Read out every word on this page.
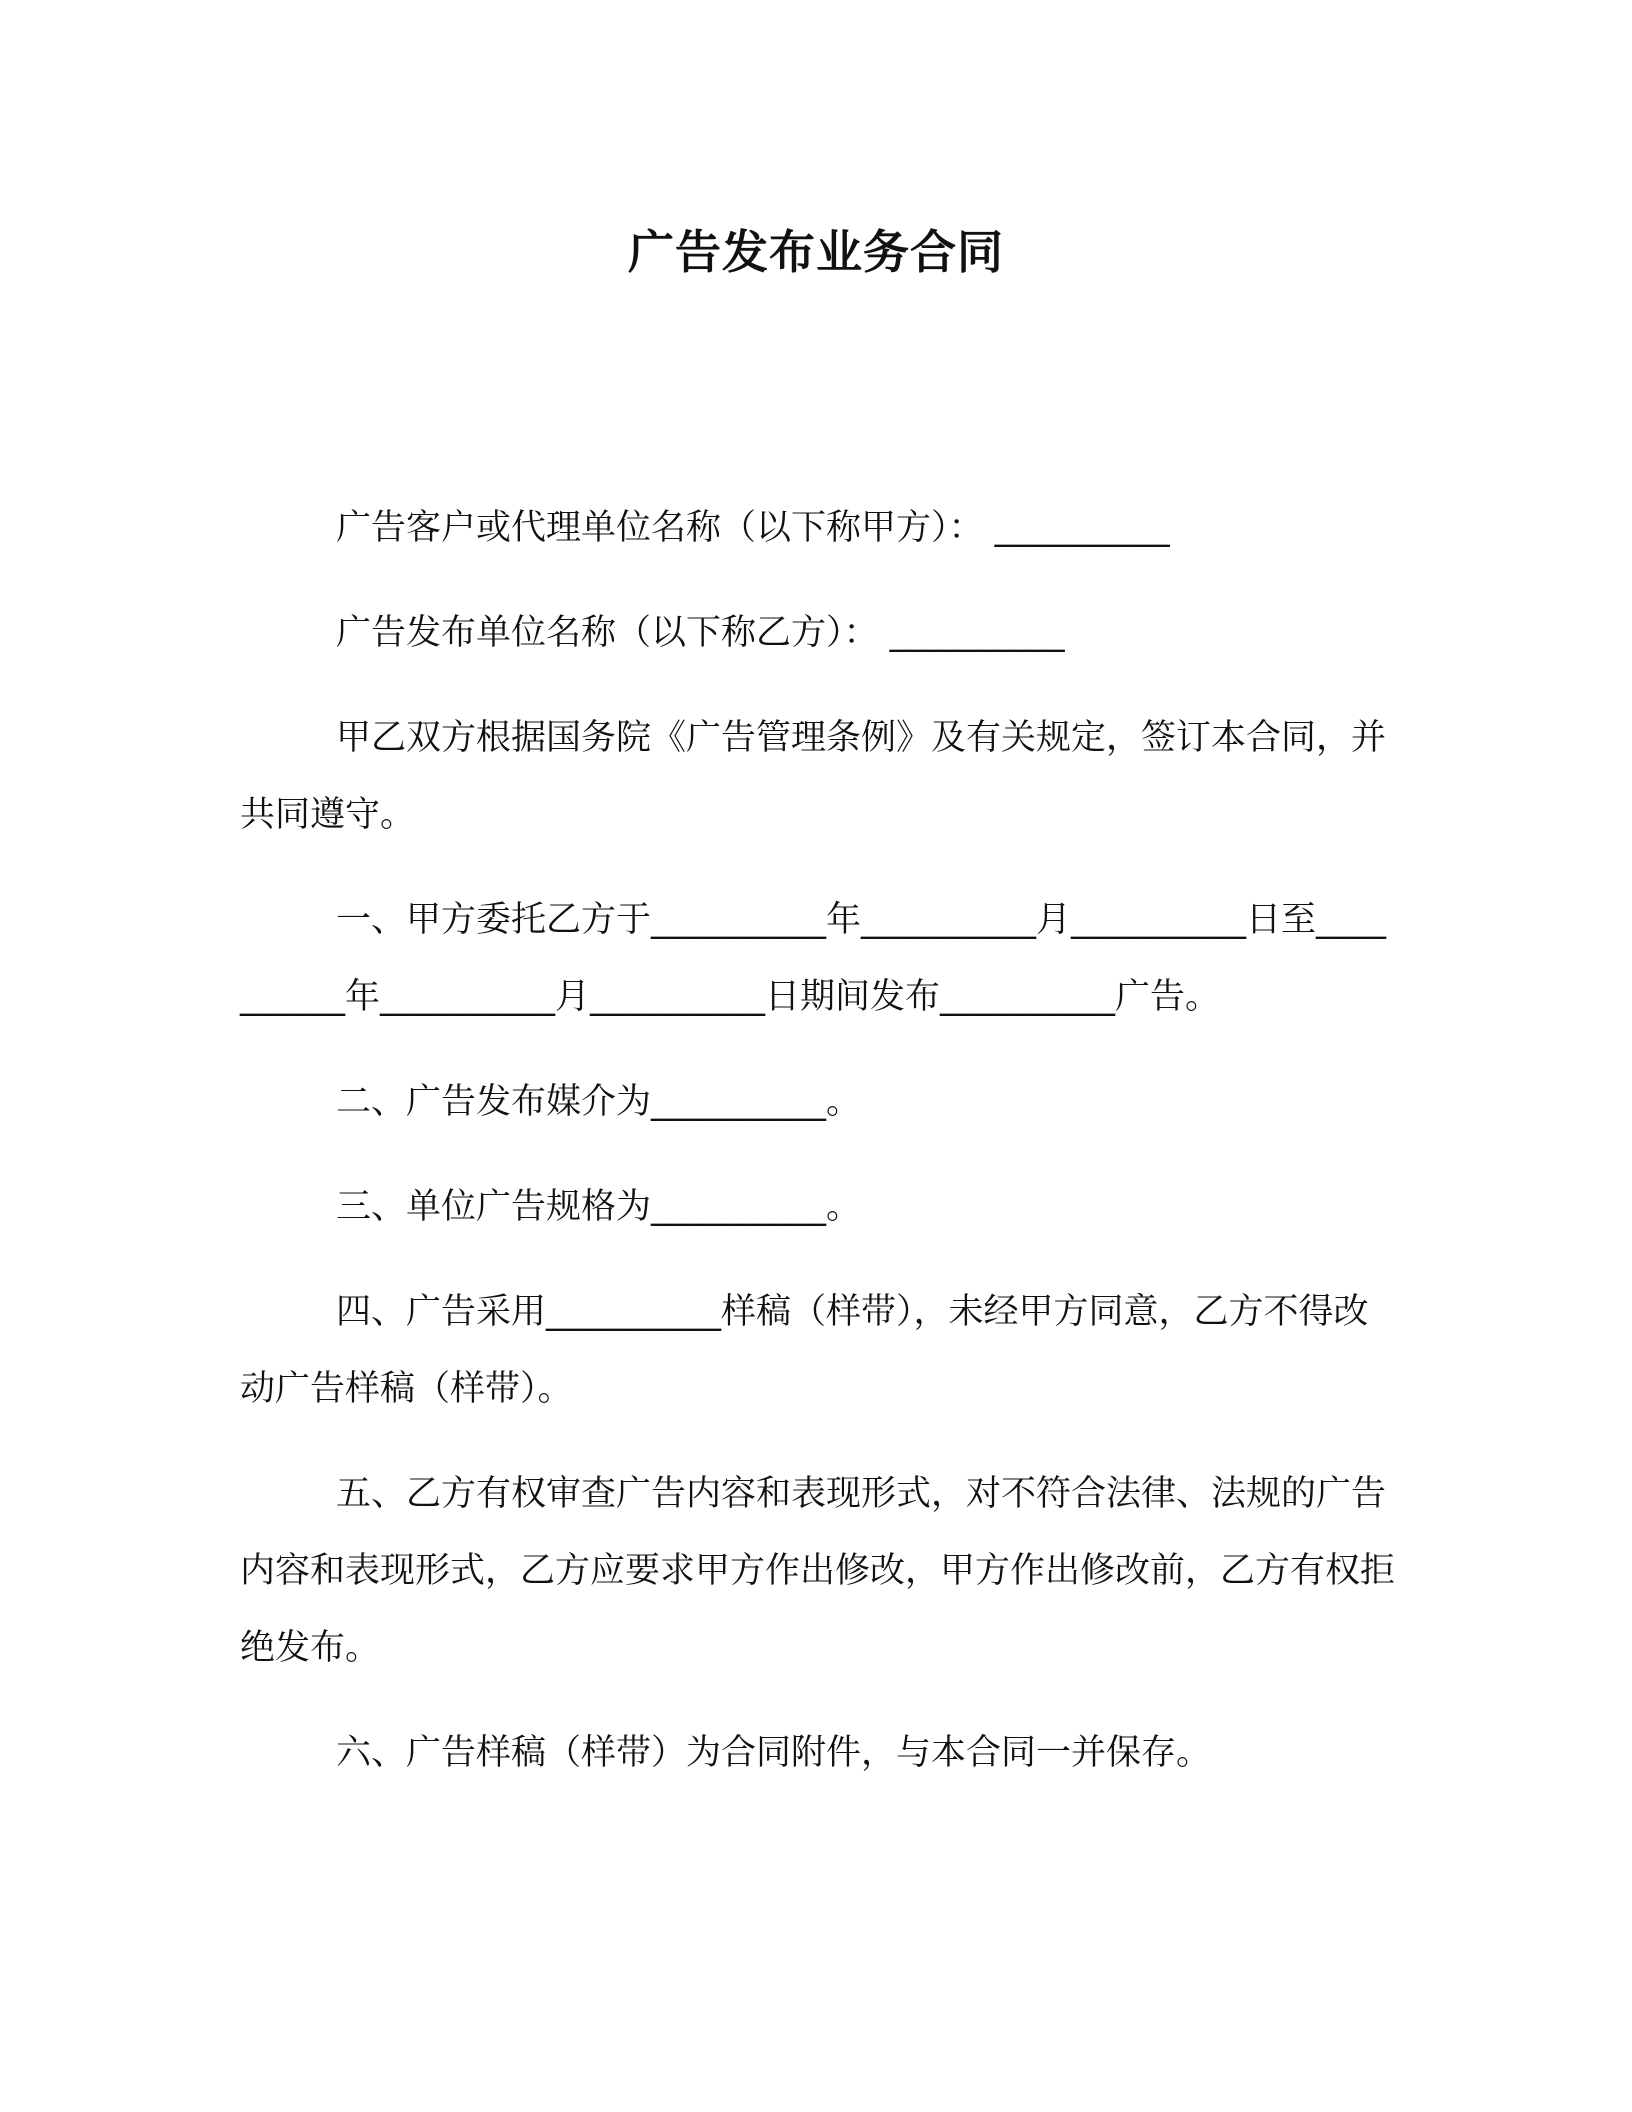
广告发布业务合同

广告客户或代理单位名称（以下称甲方）： __________

广告发布单位名称（以下称乙方）： __________

甲乙双方根据国务院《广告管理条例》及有关规定，签订本合同，并共同遵守。

一、甲方委托乙方于__________年__________月__________日至__________年__________月__________日期间发布__________广告。

二、广告发布媒介为__________。

三、单位广告规格为__________。

四、广告采用__________样稿（样带），未经甲方同意，乙方不得改动广告样稿（样带）。

五、乙方有权审查广告内容和表现形式，对不符合法律、法规的广告内容和表现形式，乙方应要求甲方作出修改，甲方作出修改前，乙方有权拒绝发布。

六、广告样稿（样带）为合同附件，与本合同一并保存。
